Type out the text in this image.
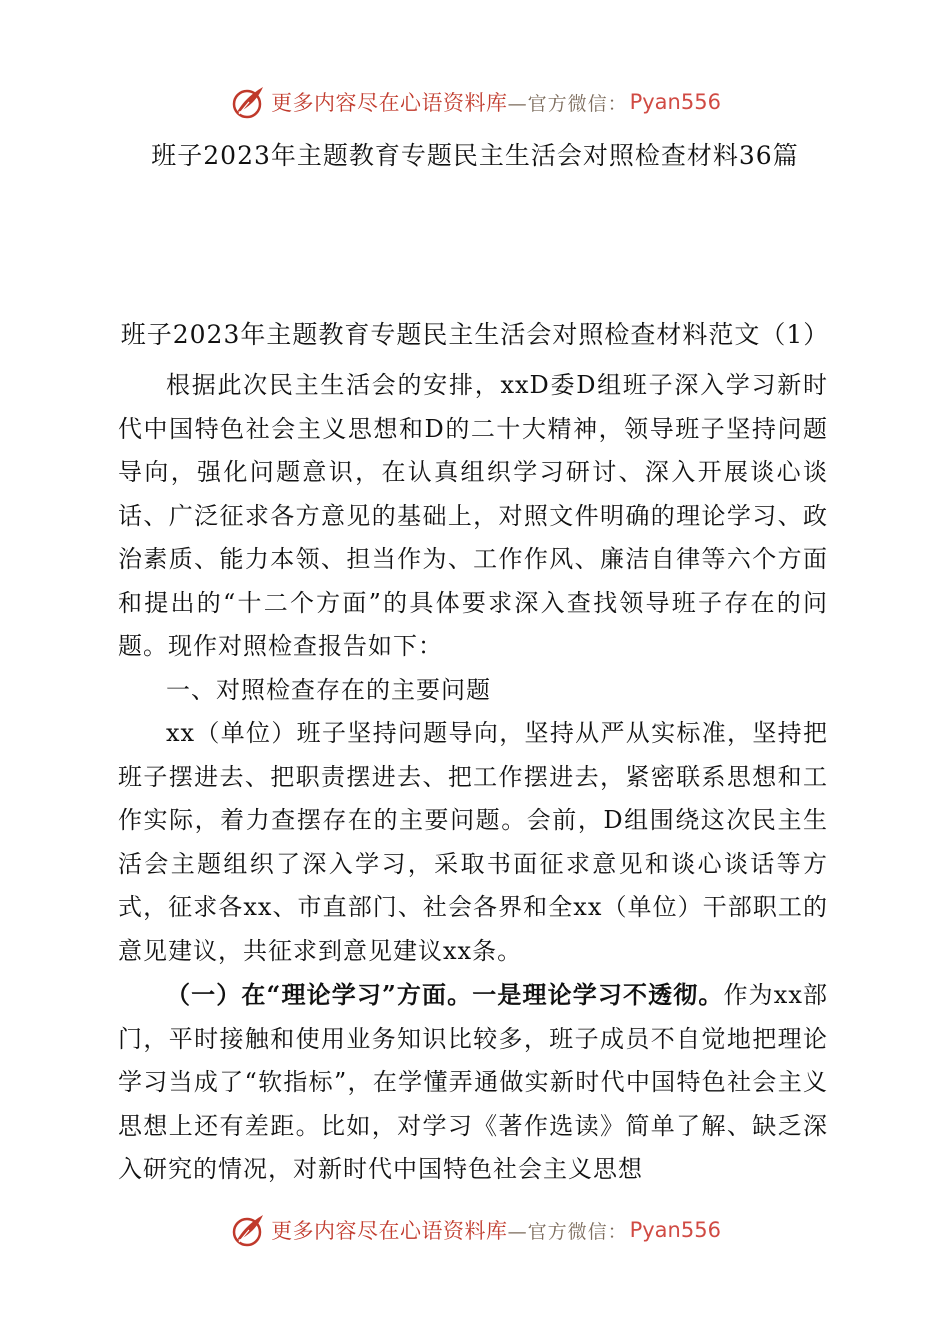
更多内容尽在心语资料库 —官方微信： Pyan556
班子2023年主题教育专题民主生活会对照检查材料36篇
班子2023年主题教育专题民主生活会对照检查材料范文（1）

根据此次民主生活会的安排，xxD委D组班子深入学习新时代中国特色社会主义思想和D的二十大精神，领导班子坚持问题导向，强化问题意识，在认真组织学习研讨、深入开展谈心谈话、广泛征求各方意见的基础上，对照文件明确的理论学习、政治素质、能力本领、担当作为、工作作风、廉洁自律等六个方面和提出的“十二个方面”的具体要求深入查找领导班子存在的问题。现作对照检查报告如下：

一、对照检查存在的主要问题

xx（单位）班子坚持问题导向，坚持从严从实标准，坚持把班子摆进去、把职责摆进去、把工作摆进去，紧密联系思想和工作实际，着力查摆存在的主要问题。会前，D组围绕这次民主生活会主题组织了深入学习，采取书面征求意见和谈心谈话等方式，征求各xx、市直部门、社会各界和全xx（单位）干部职工的意见建议，共征求到意见建议xx条。

（一）在“理论学习”方面。一是理论学习不透彻。作为xx部门，平时接触和使用业务知识比较多，班子成员不自觉地把理论学习当成了“软指标”，在学懂弄通做实新时代中国特色社会主义思想上还有差距。比如，对学习《著作选读》简单了解、缺乏深入研究的情况，对新时代中国特色社会主义思想

更多内容尽在心语资料库 —官方微信： Pyan556
